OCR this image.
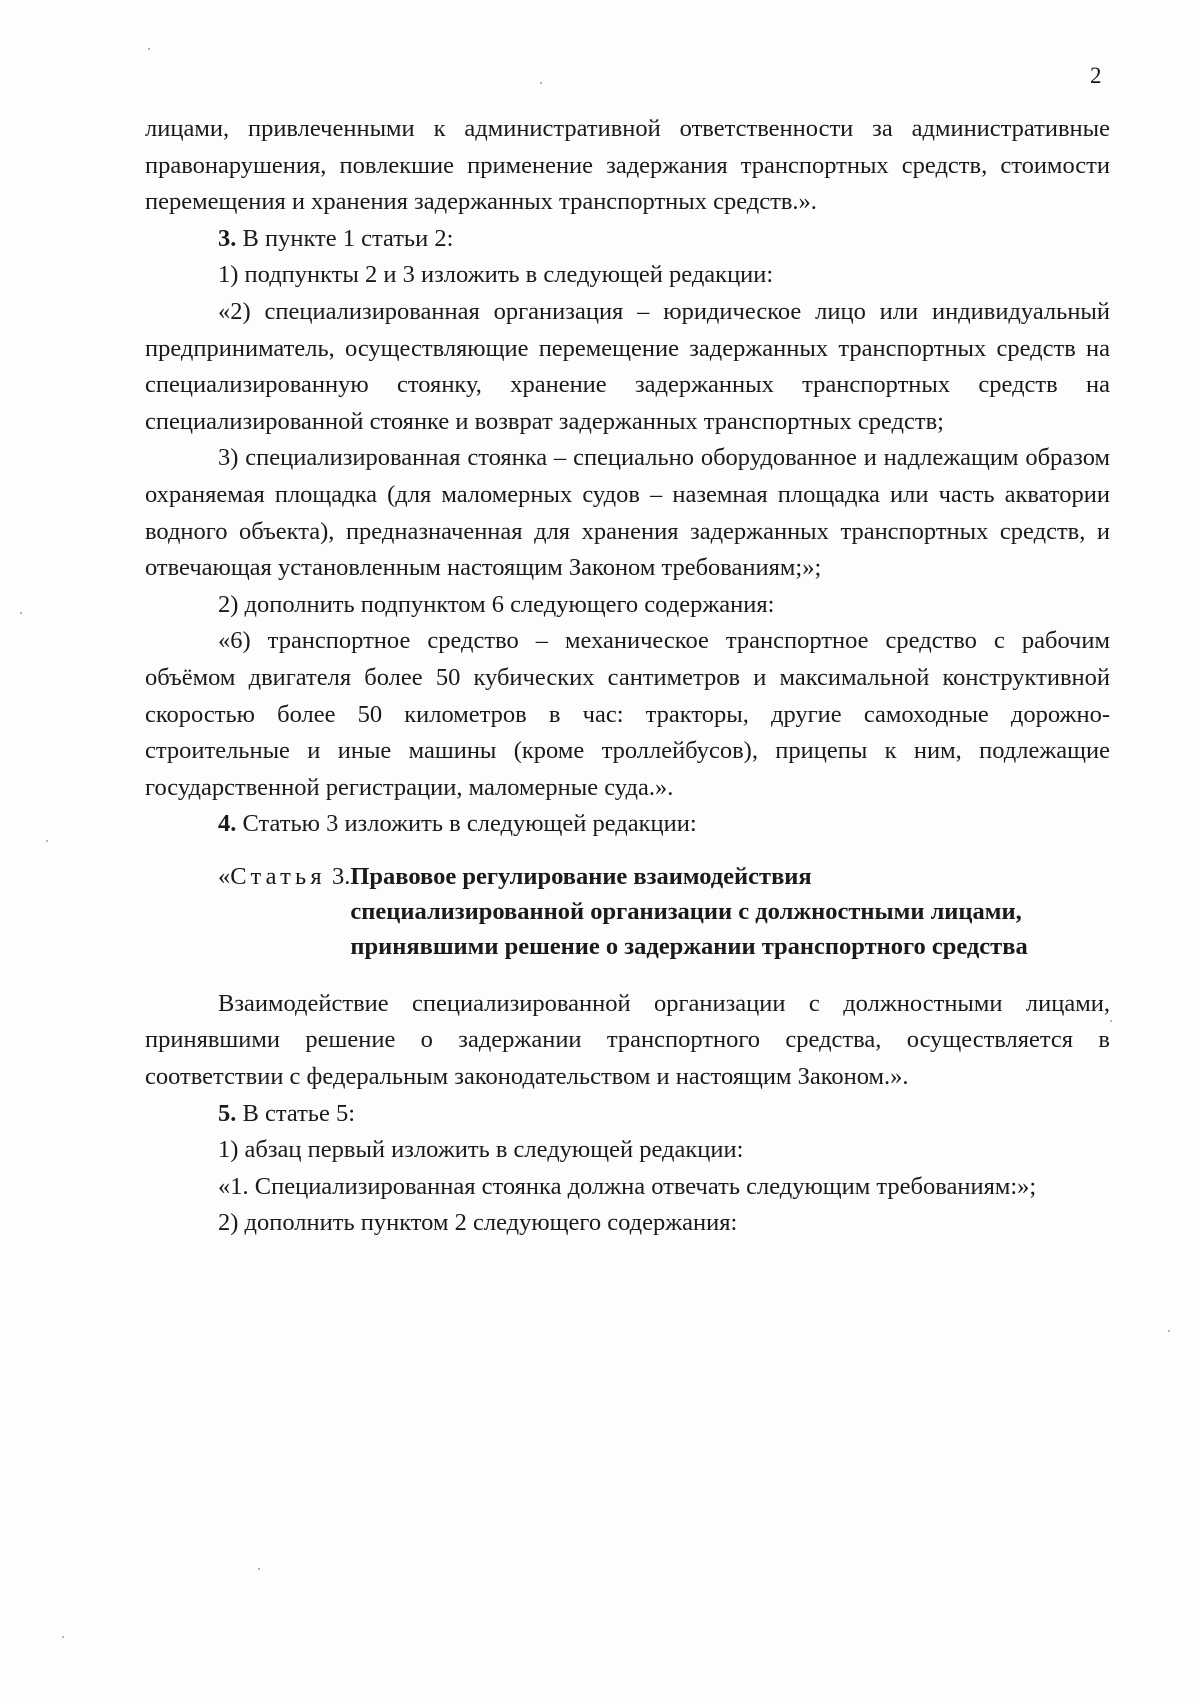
2

лицами, привлеченными к административной ответственности за административные правонарушения, повлекшие применение задержания транспортных средств, стоимости перемещения и хранения задержанных транспортных средств.».

3. В пункте 1 статьи 2:

1) подпункты 2 и 3 изложить в следующей редакции:

«2) специализированная организация – юридическое лицо или индивидуальный предприниматель, осуществляющие перемещение задержанных транспортных средств на специализированную стоянку, хранение задержанных транспортных средств на специализированной стоянке и возврат задержанных транспортных средств;

3) специализированная стоянка – специально оборудованное и надлежащим образом охраняемая площадка (для маломерных судов – наземная площадка или часть акватории водного объекта), предназначенная для хранения задержанных транспортных средств, и отвечающая установленным настоящим Законом требованиям;»;

2) дополнить подпунктом 6 следующего содержания:

«6) транспортное средство – механическое транспортное средство с рабочим объёмом двигателя более 50 кубических сантиметров и максимальной конструктивной скоростью более 50 километров в час: тракторы, другие самоходные дорожно-строительные и иные машины (кроме троллейбусов), прицепы к ним, подлежащие государственной регистрации, маломерные суда.».

4. Статью 3 изложить в следующей редакции:

«Статья 3. Правовое регулирование взаимодействия специализированной организации с должностными лицами, принявшими решение о задержании транспортного средства

Взаимодействие специализированной организации с должностными лицами, принявшими решение о задержании транспортного средства, осуществляется в соответствии с федеральным законодательством и настоящим Законом.».

5. В статье 5:

1) абзац первый изложить в следующей редакции:

«1. Специализированная стоянка должна отвечать следующим требованиям:»;

2) дополнить пунктом 2 следующего содержания:
